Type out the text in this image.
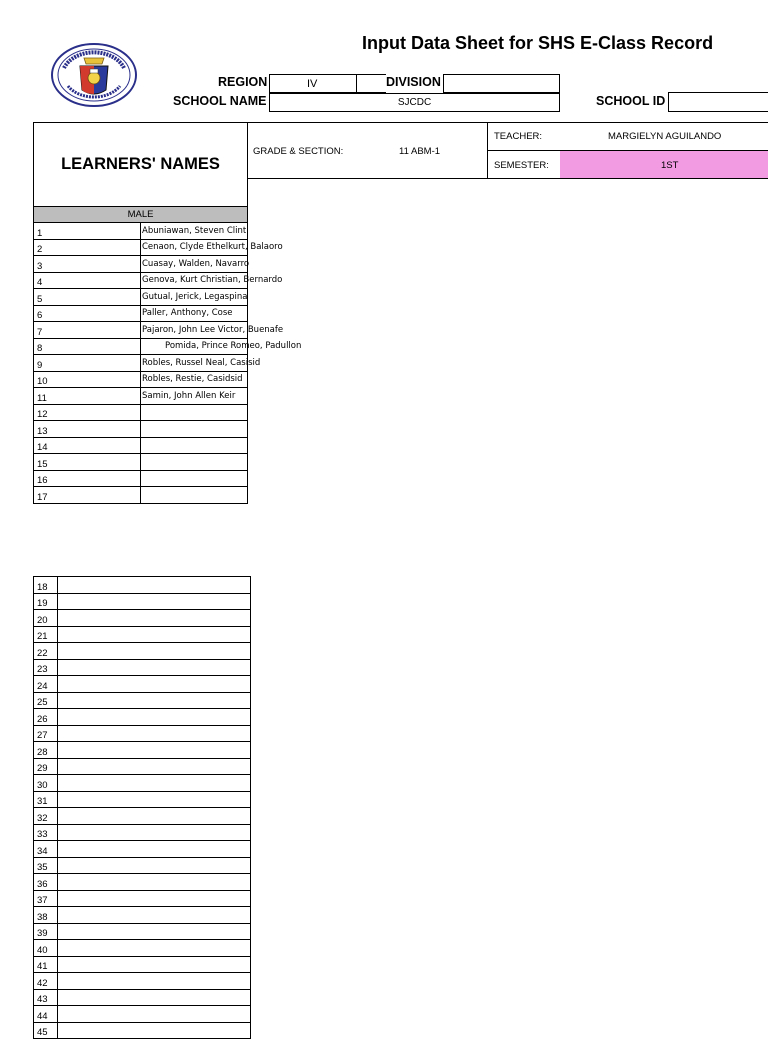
Input Data Sheet for SHS E-Class Record
REGION	IV	DIVISION
SCHOOL NAME	SJCDC	SCHOOL ID
LEARNERS' NAMES
GRADE & SECTION:	11 ABM-1
TEACHER:	MARGIELYN AGUILANDO
SEMESTER:	1ST
MALE	
1	Abuniawan, Steven Clint
2	Cenaon, Clyde Ethelkurt, Balaoro
3	Cuasay, Walden, Navarro
4	Genova, Kurt Christian, Bernardo
5	Gutual, Jerick, Legaspina
6	Paller, Anthony, Cose
7	Pajaron, John Lee Victor, Buenafe
8	Pomida, Prince Romeo, Padullon
9	Robles, Russel Neal, Casisid
10	Robles, Restie, Casidsid
11	Samin, John Allen Keir
12	
13	
14	
15	
16	
17	
18	
19	
20	
21	
22	
23	
24	
25	
26	
27	
28	
29	
30	
31	
32	
33	
34	
35	
36	
37	
38	
39	
40	
41	
42	
43	
44	
45	
